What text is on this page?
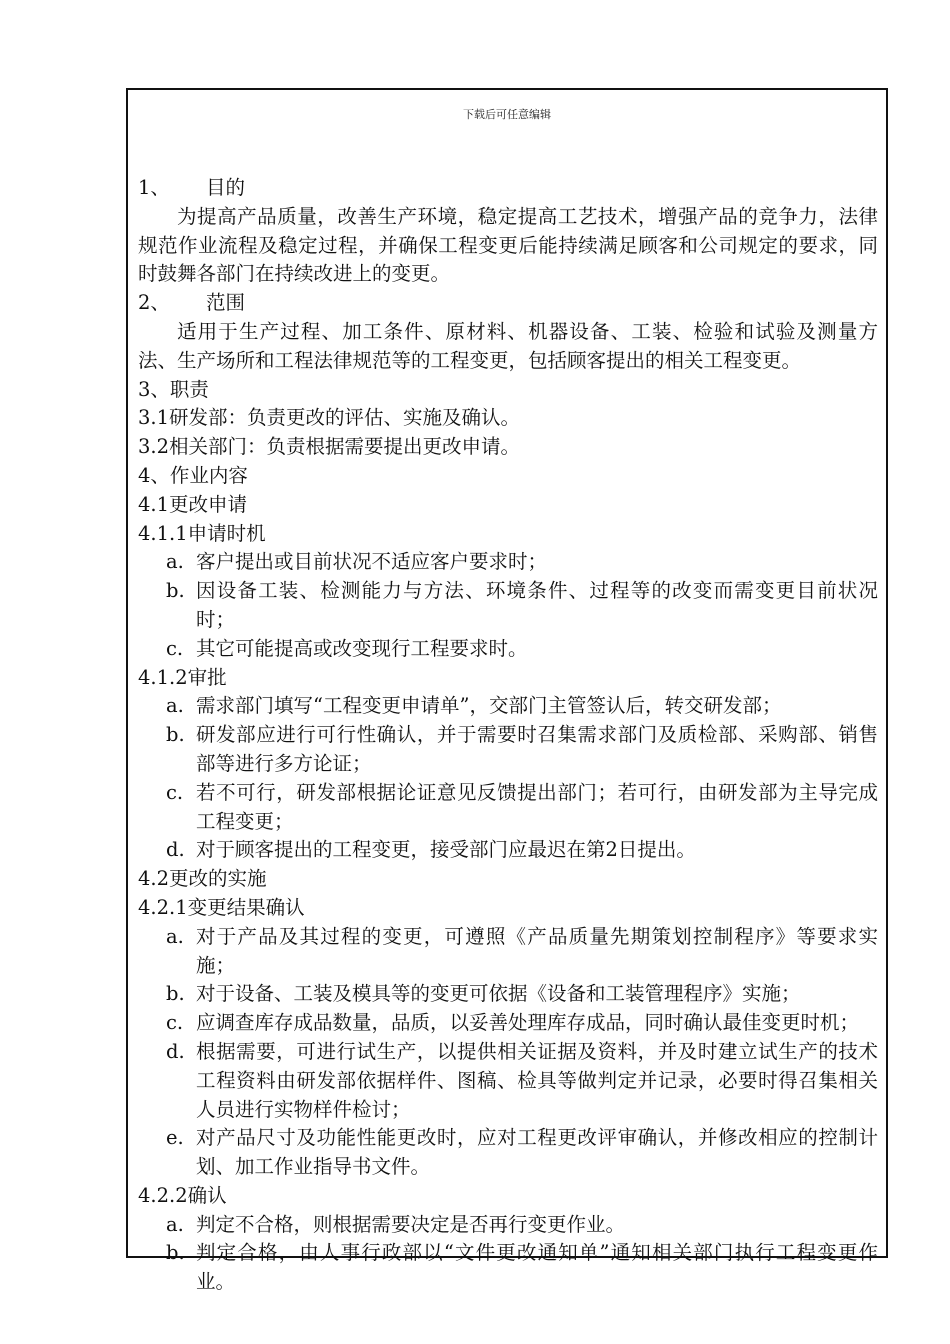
下载后可任意编辑
1、 目的
为提高产品质量，改善生产环境，稳定提高工艺技术，增强产品的竞争力，法律规范作业流程及稳定过程，并确保工程变更后能持续满足顾客和公司规定的要求，同时鼓舞各部门在持续改进上的变更。
2、 范围
适用于生产过程、加工条件、原材料、机器设备、工装、检验和试验及测量方法、生产场所和工程法律规范等的工程变更，包括顾客提出的相关工程变更。
3、职责
3.1研发部：负责更改的评估、实施及确认。
3.2相关部门：负责根据需要提出更改申请。
4、作业内容
4.1更改申请
4.1.1申请时机
a. 客户提出或目前状况不适应客户要求时；
b. 因设备工装、检测能力与方法、环境条件、过程等的改变而需变更目前状况时；
c. 其它可能提高或改变现行工程要求时。
4.1.2审批
a. 需求部门填写“工程变更申请单”，交部门主管签认后，转交研发部；
b. 研发部应进行可行性确认，并于需要时召集需求部门及质检部、采购部、销售部等进行多方论证；
c. 若不可行，研发部根据论证意见反馈提出部门；若可行，由研发部为主导完成工程变更；
d. 对于顾客提出的工程变更，接受部门应最迟在第2日提出。
4.2更改的实施
4.2.1变更结果确认
a. 对于产品及其过程的变更，可遵照《产品质量先期策划控制程序》等要求实施；
b. 对于设备、工装及模具等的变更可依据《设备和工装管理程序》实施；
c. 应调查库存成品数量，品质，以妥善处理库存成品，同时确认最佳变更时机；
d. 根据需要，可进行试生产，以提供相关证据及资料，并及时建立试生产的技术工程资料由研发部依据样件、图稿、检具等做判定并记录，必要时得召集相关人员进行实物样件检讨；
e. 对产品尺寸及功能性能更改时，应对工程更改评审确认，并修改相应的控制计划、加工作业指导书文件。
4.2.2确认
a. 判定不合格，则根据需要决定是否再行变更作业。
b. 判定合格，由人事行政部以“文件更改通知单”通知相关部门执行工程变更作业。
